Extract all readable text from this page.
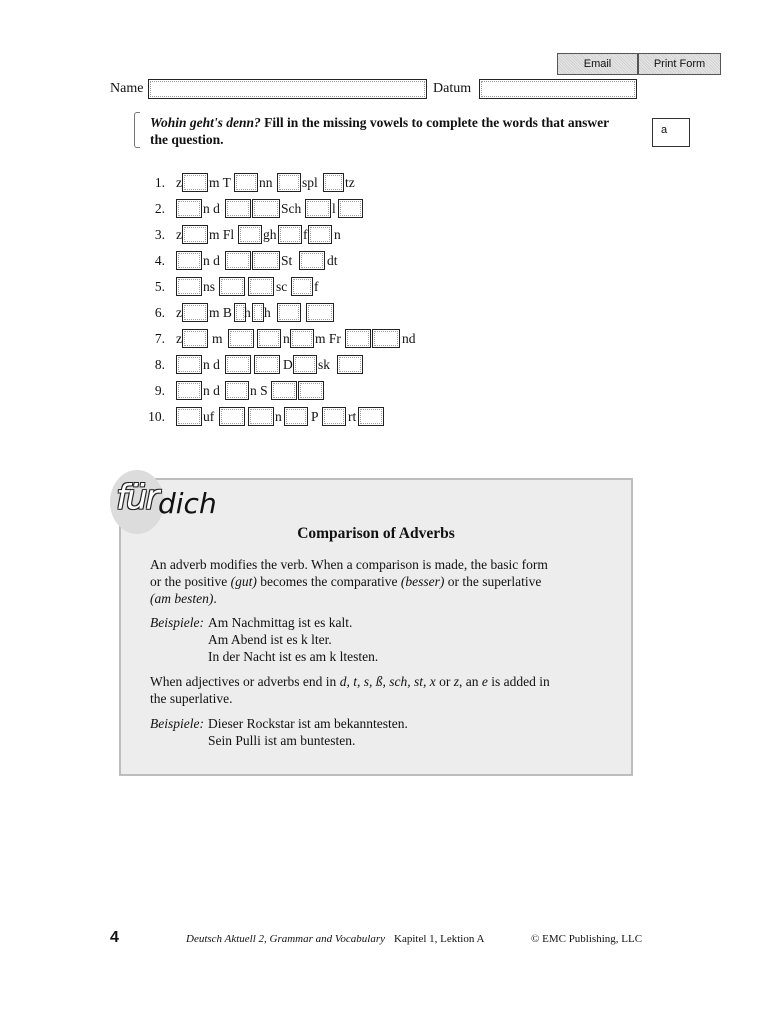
Email	Print Form
Name	Datum
Wohin geht's denn? Fill in the missing vowels to complete the words that answer the question.
a
1. z m T nn spl tz
2.	n d	Sch l
3. z m Fl gh f n
4.	n d	St	dt
5.	ns	sc f
6. z m B h h
7. z m	n m Fr	nd
8.	n d	D sk
9.	n d n S
10.	uf	n P rt
für dich
Comparison of Adverbs
An adverb modifies the verb. When a comparison is made, the basic form
or the positive (gut) becomes the comparative (besser) or the superlative
(am besten).
Beispiele: Am Nachmittag ist es kalt.
Am Abend ist es k lter.
In der Nacht ist es am k ltesten.
When adjectives or adverbs end in d, t, s, ß, sch, st, x or z, an e is added in
the superlative.
Beispiele: Dieser Rockstar ist am bekanntesten.
Sein Pulli ist am buntesten.
4	Deutsch Aktuell 2, Grammar and Vocabulary Kapitel 1, Lektion A	© EMC Publishing, LLC
